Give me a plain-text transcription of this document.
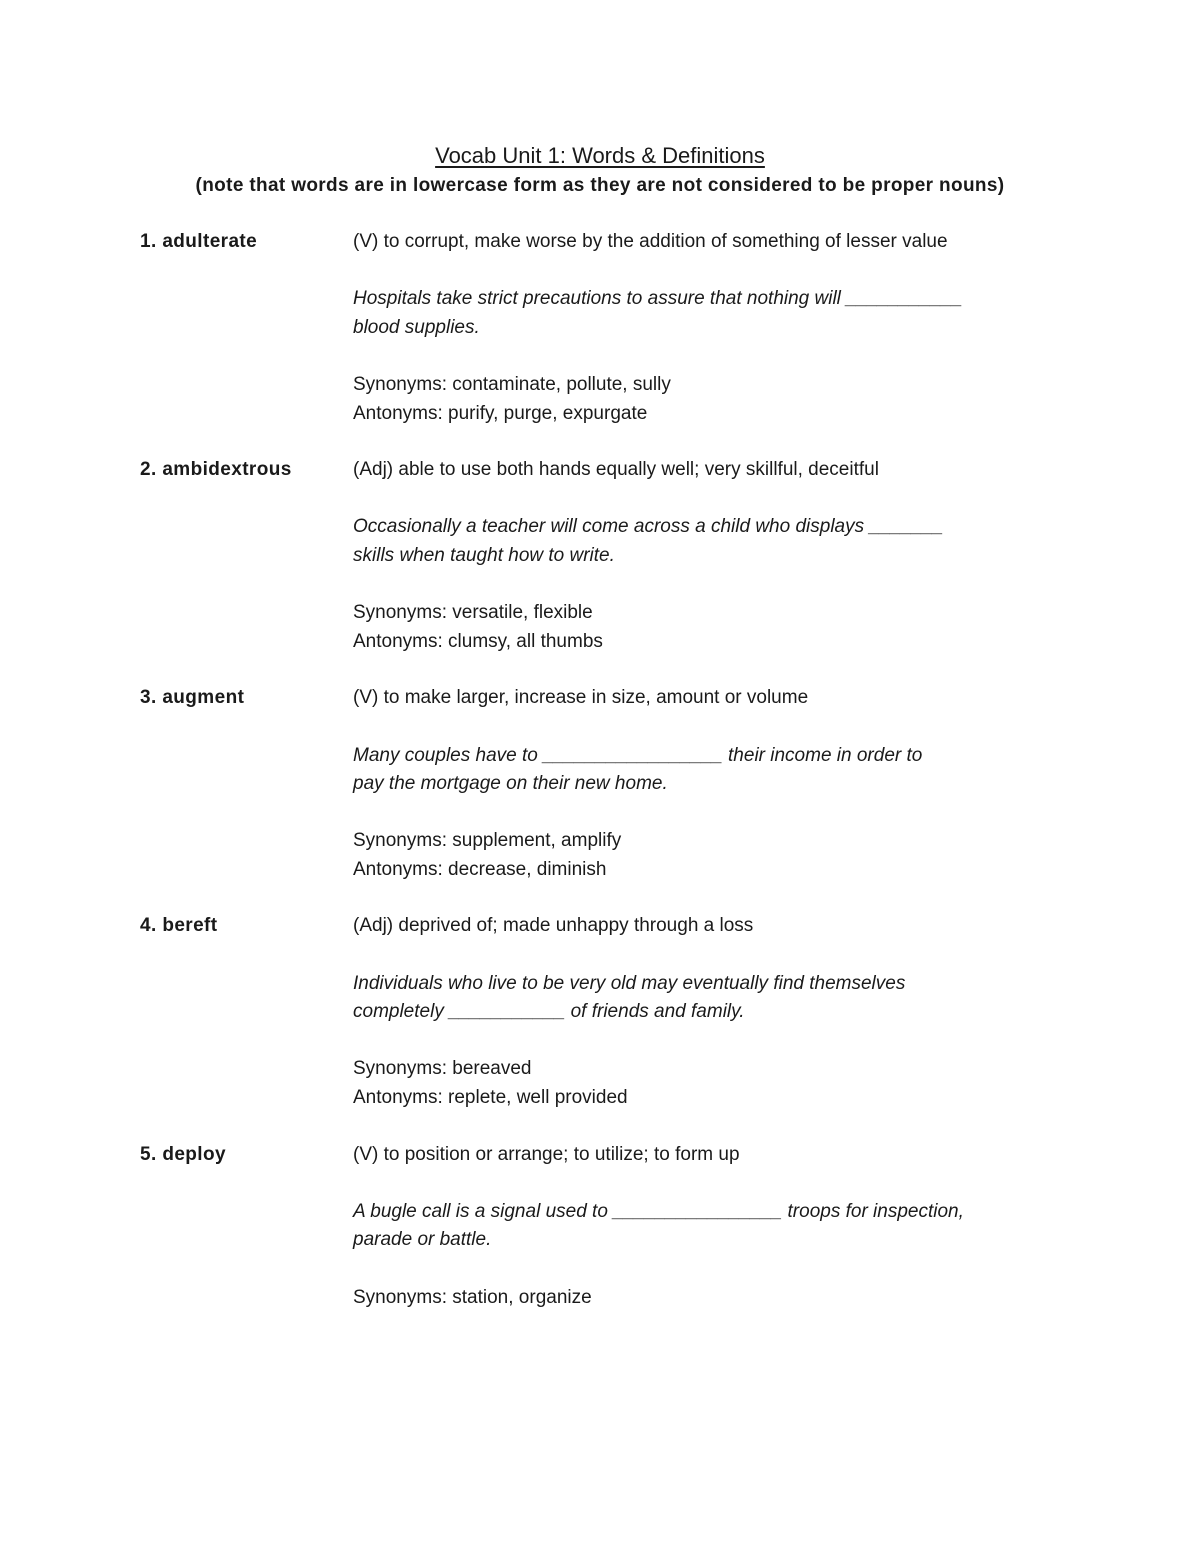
Vocab Unit 1: Words & Definitions

(note that words are in lowercase form as they are not considered to be proper nouns)

1. adulterate	(V) to corrupt, make worse by the addition of something of lesser value

Hospitals take strict precautions to assure that nothing will ___________

blood supplies.

Synonyms: contaminate, pollute, sully

Antonyms: purify, purge, expurgate

2. ambidextrous	(Adj) able to use both hands equally well; very skillful, deceitful

Occasionally a teacher will come across a child who displays _______

skills when taught how to write.

Synonyms: versatile, flexible

Antonyms: clumsy, all thumbs

3. augment	(V) to make larger, increase in size, amount or volume

Many couples have to _________________ their income in order to

pay the mortgage on their new home.

Synonyms: supplement, amplify

Antonyms: decrease, diminish

4. bereft	(Adj) deprived of; made unhappy through a loss

Individuals who live to be very old may eventually find themselves

completely ___________ of friends and family.

Synonyms: bereaved

Antonyms: replete, well provided

5. deploy	(V) to position or arrange; to utilize; to form up

A bugle call is a signal used to ________________ troops for inspection,

parade or battle.

Synonyms: station, organize
